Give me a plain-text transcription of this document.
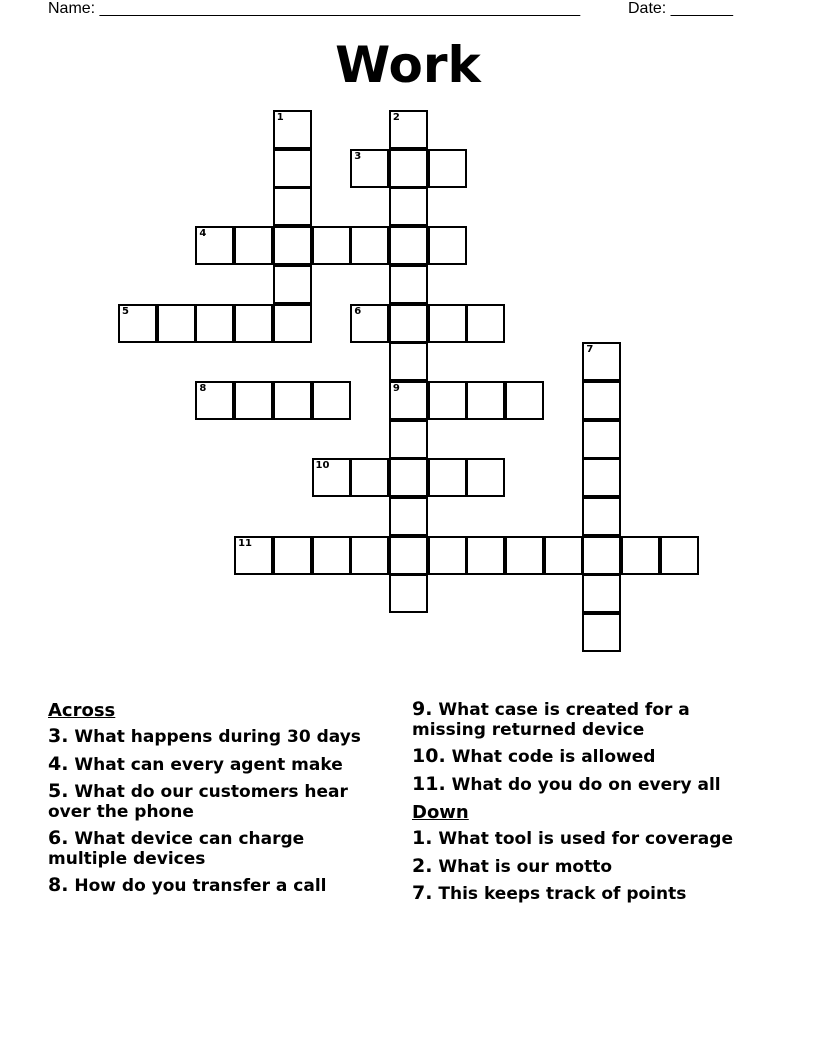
Name: ______________________________________________________	Date: _______
Work
1	2
9
3
4
5	6
7
8
10
11
Across
3. What happens during 30 days
4. What can every agent make
5. What do our customers hear over the phone
6. What device can charge multiple devices
8. How do you transfer a call
9. What case is created for a missing returned device
10. What code is allowed
11. What do you do on every all
Down
1. What tool is used for coverage
2. What is our motto
7. This keeps track of points
